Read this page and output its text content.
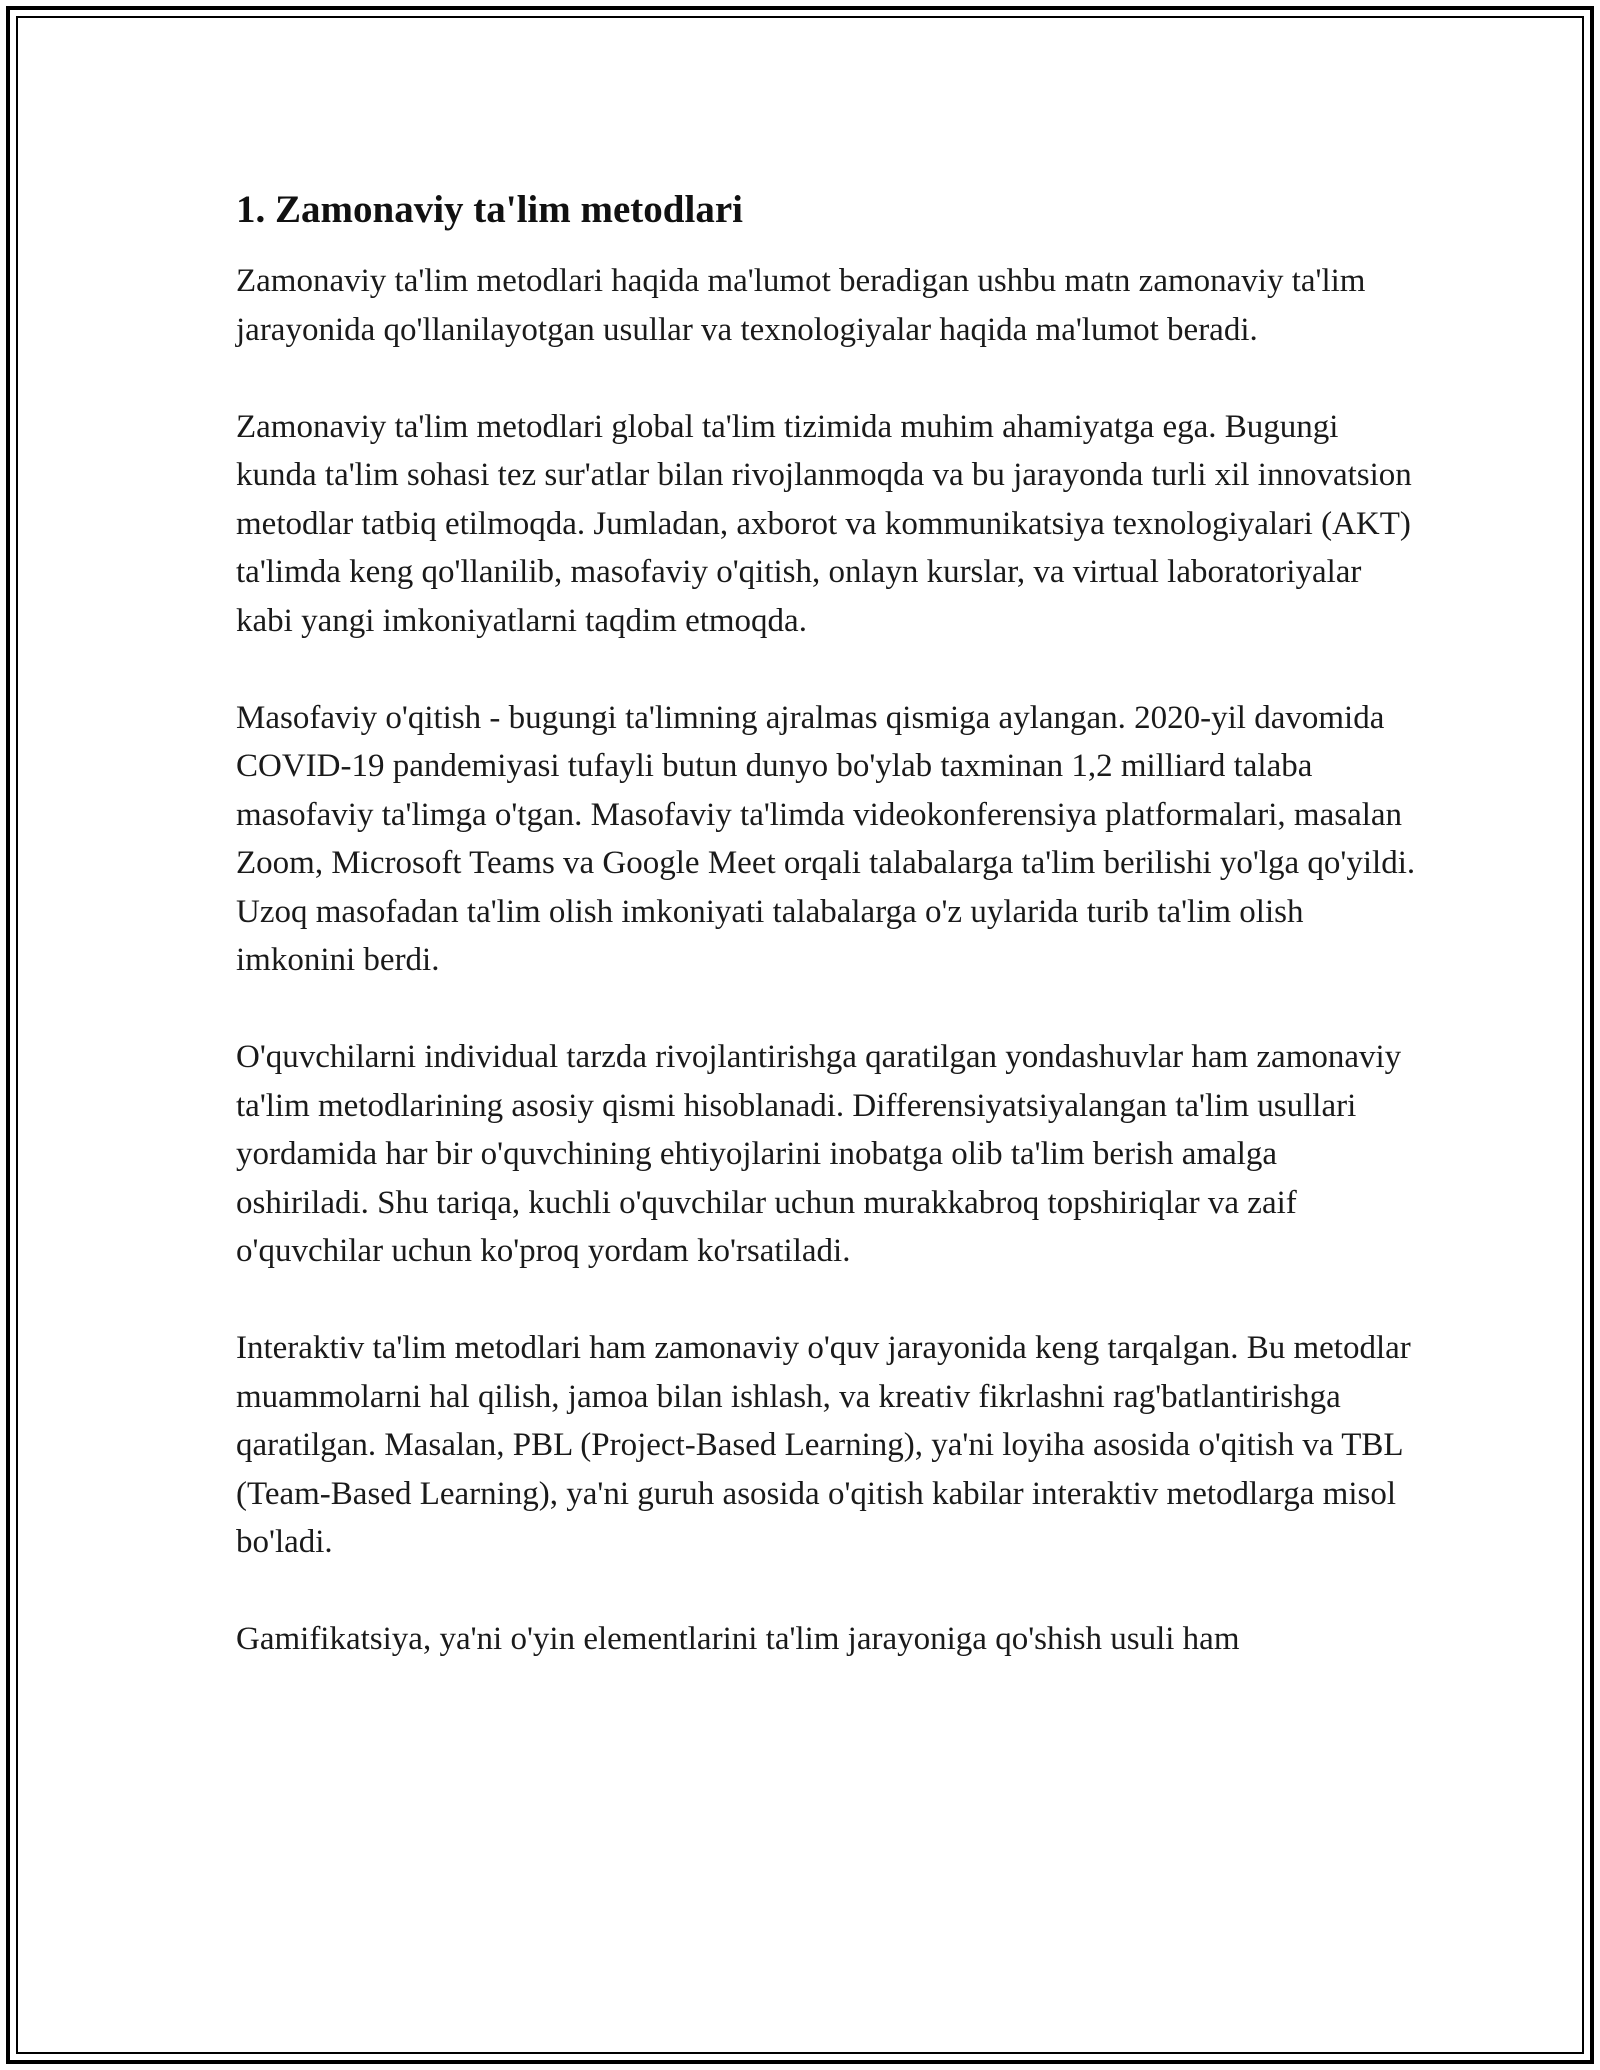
1. Zamonaviy ta'lim metodlari

Zamonaviy ta'lim metodlari haqida ma'lumot beradigan ushbu matn zamonaviy ta'lim jarayonida qo'llanilayotgan usullar va texnologiyalar haqida ma'lumot beradi.

Zamonaviy ta'lim metodlari global ta'lim tizimida muhim ahamiyatga ega. Bugungi kunda ta'lim sohasi tez sur'atlar bilan rivojlanmoqda va bu jarayonda turli xil innovatsion metodlar tatbiq etilmoqda. Jumladan, axborot va kommunikatsiya texnologiyalari (AKT) ta'limda keng qo'llanilib, masofaviy o'qitish, onlayn kurslar, va virtual laboratoriyalar kabi yangi imkoniyatlarni taqdim etmoqda.

Masofaviy o'qitish - bugungi ta'limning ajralmas qismiga aylangan. 2020-yil davomida COVID-19 pandemiyasi tufayli butun dunyo bo'ylab taxminan 1,2 milliard talaba masofaviy ta'limga o'tgan. Masofaviy ta'limda videokonferensiya platformalari, masalan Zoom, Microsoft Teams va Google Meet orqali talabalarga ta'lim berilishi yo'lga qo'yildi. Uzoq masofadan ta'lim olish imkoniyati talabalarga o'z uylarida turib ta'lim olish imkonini berdi.

O'quvchilarni individual tarzda rivojlantirishga qaratilgan yondashuvlar ham zamonaviy ta'lim metodlarining asosiy qismi hisoblanadi. Differensiyatsiyalangan ta'lim usullari yordamida har bir o'quvchining ehtiyojlarini inobatga olib ta'lim berish amalga oshiriladi. Shu tariqa, kuchli o'quvchilar uchun murakkabroq topshiriqlar va zaif o'quvchilar uchun ko'proq yordam ko'rsatiladi.

Interaktiv ta'lim metodlari ham zamonaviy o'quv jarayonida keng tarqalgan. Bu metodlar muammolarni hal qilish, jamoa bilan ishlash, va kreativ fikrlashni rag'batlantirishga qaratilgan. Masalan, PBL (Project-Based Learning), ya'ni loyiha asosida o'qitish va TBL (Team-Based Learning), ya'ni guruh asosida o'qitish kabilar interaktiv metodlarga misol bo'ladi.

Gamifikatsiya, ya'ni o'yin elementlarini ta'lim jarayoniga qo'shish usuli ham
